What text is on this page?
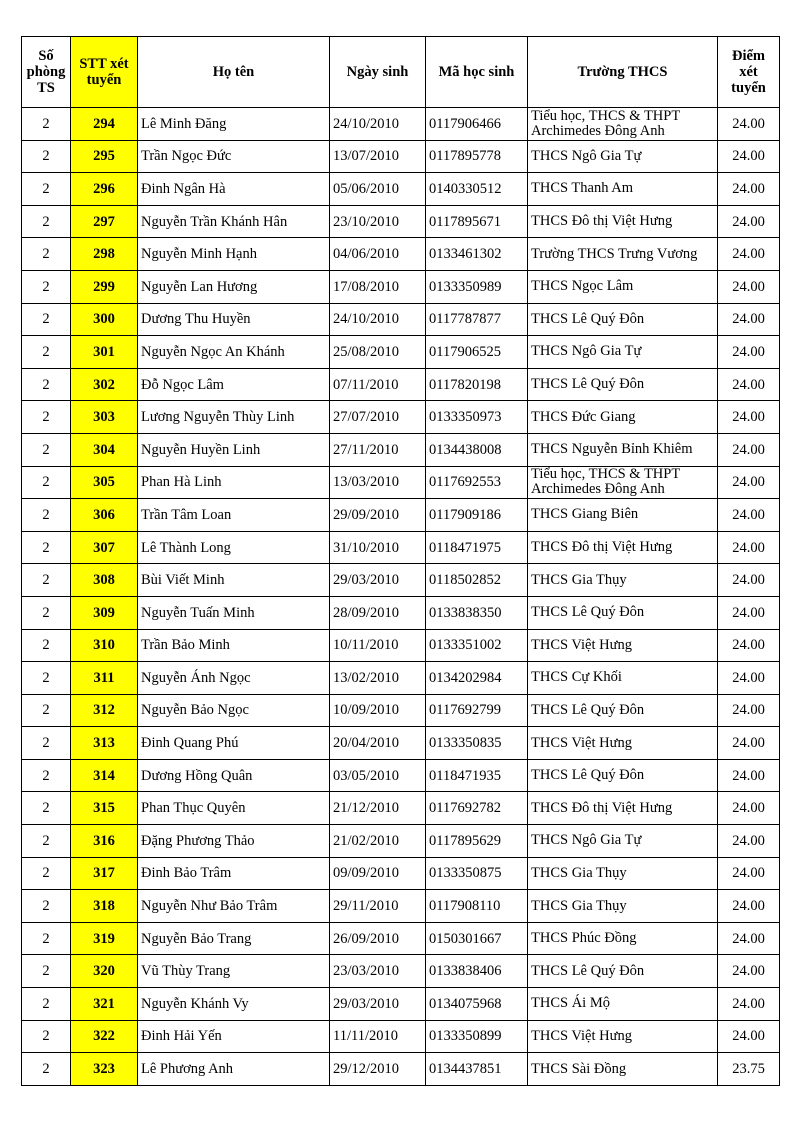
Số phòng TS	STT xét tuyển	Họ tên	Ngày sinh	Mã học sinh	Trường THCS	Điểm xét tuyển
2	294	Lê Minh Đăng	24/10/2010	0117906466	Tiểu học, THCS & THPT Archimedes Đông Anh	24.00
2	295	Trần Ngọc Đức	13/07/2010	0117895778	THCS Ngô Gia Tự	24.00
2	296	Đinh Ngân Hà	05/06/2010	0140330512	THCS Thanh Am	24.00
2	297	Nguyễn Trần Khánh Hân	23/10/2010	0117895671	THCS Đô thị Việt Hưng	24.00
2	298	Nguyễn Minh Hạnh	04/06/2010	0133461302	Trường THCS Trưng Vương	24.00
2	299	Nguyễn Lan Hương	17/08/2010	0133350989	THCS Ngọc Lâm	24.00
2	300	Dương Thu Huyền	24/10/2010	0117787877	THCS Lê Quý Đôn	24.00
2	301	Nguyễn Ngọc An Khánh	25/08/2010	0117906525	THCS Ngô Gia Tự	24.00
2	302	Đỗ Ngọc Lâm	07/11/2010	0117820198	THCS Lê Quý Đôn	24.00
2	303	Lương Nguyễn Thùy Linh	27/07/2010	0133350973	THCS Đức Giang	24.00
2	304	Nguyễn Huyền Linh	27/11/2010	0134438008	THCS Nguyễn Bỉnh Khiêm	24.00
2	305	Phan Hà Linh	13/03/2010	0117692553	Tiểu học, THCS & THPT Archimedes Đông Anh	24.00
2	306	Trần Tâm Loan	29/09/2010	0117909186	THCS Giang Biên	24.00
2	307	Lê Thành Long	31/10/2010	0118471975	THCS Đô thị Việt Hưng	24.00
2	308	Bùi Viết Minh	29/03/2010	0118502852	THCS Gia Thụy	24.00
2	309	Nguyễn Tuấn Minh	28/09/2010	0133838350	THCS Lê Quý Đôn	24.00
2	310	Trần Bảo Minh	10/11/2010	0133351002	THCS Việt Hưng	24.00
2	311	Nguyễn Ánh Ngọc	13/02/2010	0134202984	THCS Cự Khối	24.00
2	312	Nguyễn Bảo Ngọc	10/09/2010	0117692799	THCS Lê Quý Đôn	24.00
2	313	Đinh Quang Phú	20/04/2010	0133350835	THCS Việt Hưng	24.00
2	314	Dương Hồng Quân	03/05/2010	0118471935	THCS Lê Quý Đôn	24.00
2	315	Phan Thục Quyên	21/12/2010	0117692782	THCS Đô thị Việt Hưng	24.00
2	316	Đặng Phương Thảo	21/02/2010	0117895629	THCS Ngô Gia Tự	24.00
2	317	Đinh Bảo Trâm	09/09/2010	0133350875	THCS Gia Thụy	24.00
2	318	Nguyễn Như Bảo Trâm	29/11/2010	0117908110	THCS Gia Thụy	24.00
2	319	Nguyễn Bảo Trang	26/09/2010	0150301667	THCS Phúc Đồng	24.00
2	320	Vũ Thùy Trang	23/03/2010	0133838406	THCS Lê Quý Đôn	24.00
2	321	Nguyễn Khánh Vy	29/03/2010	0134075968	THCS Ái Mộ	24.00
2	322	Đinh Hải Yến	11/11/2010	0133350899	THCS Việt Hưng	24.00
2	323	Lê Phương Anh	29/12/2010	0134437851	THCS Sài Đồng	23.75
